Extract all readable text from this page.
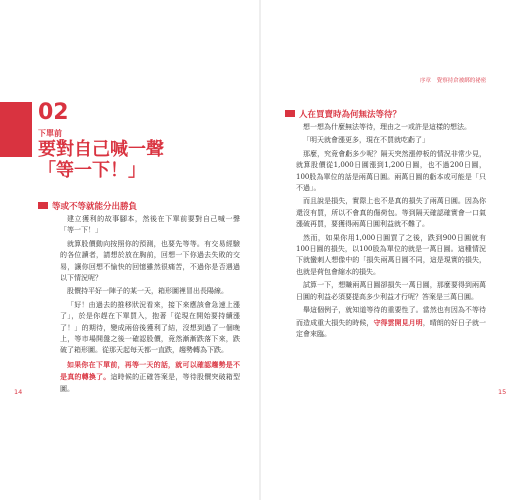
序章 覺察持倉被綁的祕密
02
下單前
要對自己喊一聲
「等一下！」
等或不等就能分出勝負

建立獲利的故事腳本，然後在下單前要對自己喊一聲「等一下！」

就算股價動向按照你的預測，也要先等等。有交易經驗的各位讀者，請想於放在胸前，回想一下你過去失敗的交易，讓你回想不愉快的回憶雖然很痛苦，不過你是否遇過以下情況呢？

股價持平好一陣子的某一天，箱形圖裡冒出長陽線。

「好！由過去的推移狀況看來，接下來應該會急速上漲了」，於是你趕在下單買入，抱著「從現在開始要持續漲了！」的期待，變成兩倍後獲利了結，沒想到過了一個晚上，等市場開盤之後一確認股價，竟然漸漸跌落下來，跌破了箱形圖。從那天起每天都一直跌，趨勢轉為下跌。

如果你在下單前，再等一天的話，就可以確認趨勢是不是真的轉換了。這時候的正確答案是，等待股價突破箱型圖。

14
人在買賣時為何無法等待？

想一想為什麼無法等待，理由之一或許是這樣的想法。

「明天就會漲更多，現在不買就吃虧了」

那麼，究竟會虧多少呢？隔天突然漲停板的情況非常少見，就算股價從1,000日圓漲到1,200日圓，也不過200日圓，100股為單位的話是兩萬日圓。兩萬日圓的虧本或可能是「只不過」。

而且說是損失，實際上也不是真的損失了兩萬日圓。因為你還沒有買，所以不會真的傷荷包。等到隔天確認確實會一口氣漲破再買，要獲得兩萬日圓利益就不難了。

然而，如果你用1,000日圓買了之後，跌到900日圓就有100日圓的損失，以100股為單位的就是一萬日圓。這種情況下就蠻刺人想像中的「損失兩萬日圓不同，這是現實的損失，也就是荷包會縮水的損失。

試算一下，想賺兩萬日圓卻損失一萬日圓，那麼要得到兩萬日圓的利益必須要提高多少利益才行呢？答案是三萬日圓。

舉這個例子，就知道等待的重要性了。當然也有因為不等待而造成重大損失的時候，守得雲開見月明，晴朗的好日子就一定會來臨。

15
